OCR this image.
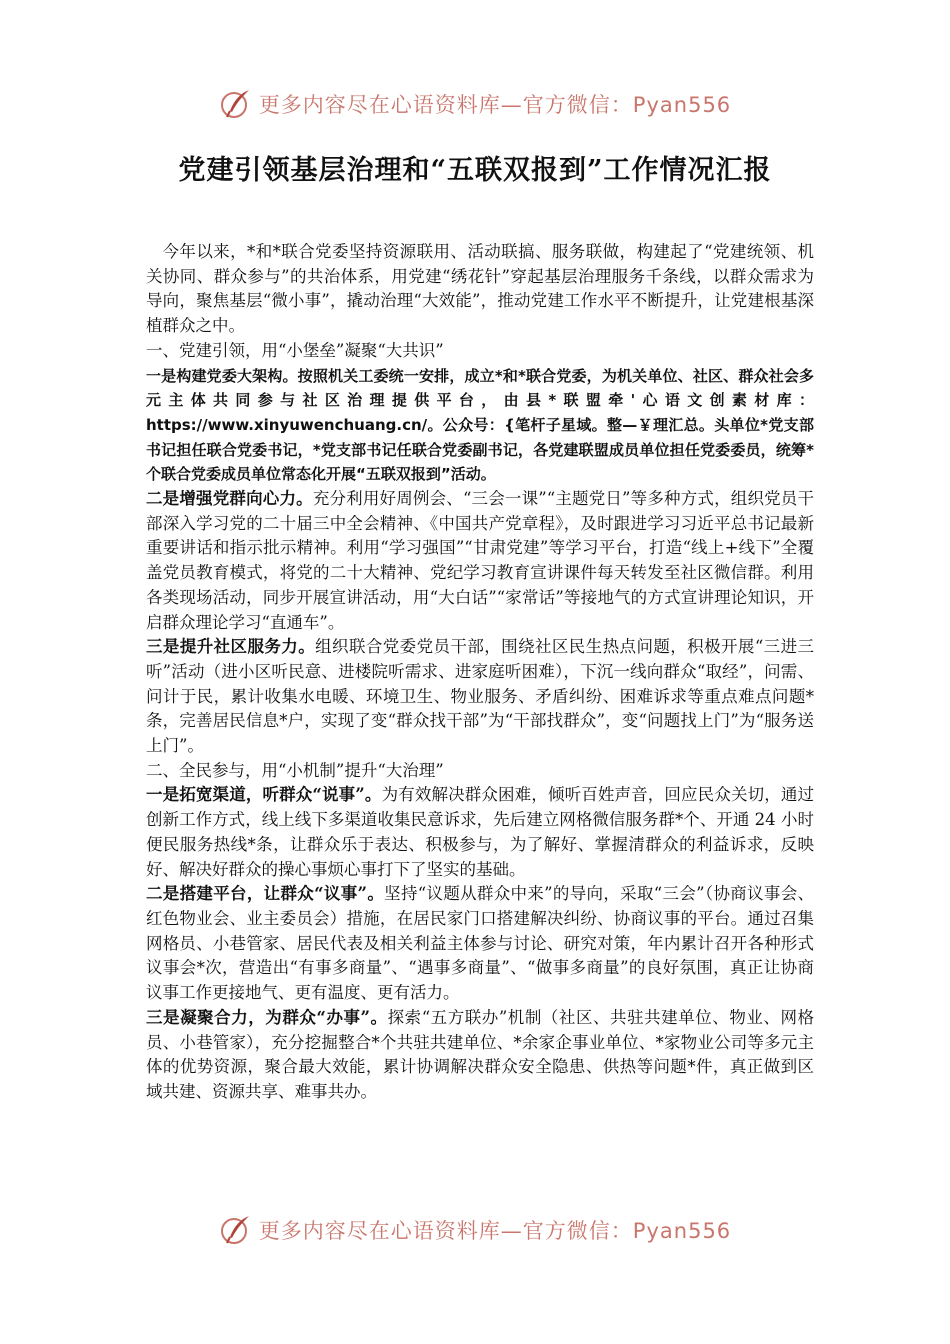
更多内容尽在心语资料库—官方微信：Pyan556
党建引领基层治理和“五联双报到”工作情况汇报

今年以来，*和*联合党委坚持资源联用、活动联搞、服务联做，构建起了“党建统领、机关协同、群众参与”的共治体系，用党建“绣花针”穿起基层治理服务千条线，以群众需求为导向，聚焦基层“微小事”，撬动治理“大效能”，推动党建工作水平不断提升，让党建根基深植群众之中。

一、党建引领，用“小堡垒”凝聚“大共识”

一是构建党委大架构。按照机关工委统一安排，成立*和*联合党委，为机关单位、社区、群众社会多元主体共同参与社区治理提供平台，由县*联盟牵'心语文创素材库：https://www.xinyuwenchuang.cn/。公众号：{笔杆子星域。整—￥理汇总。头单位*党支部书记担任联合党委书记，*党支部书记任联合党委副书记，各党建联盟成员单位担任党委委员，统筹*个联合党委成员单位常态化开展“五联双报到”活动。

二是增强党群向心力。充分利用好周例会、“三会一课”“主题党日”等多种方式，组织党员干部深入学习党的二十届三中全会精神、《中国共产党章程》，及时跟进学习习近平总书记最新重要讲话和指示批示精神。利用“学习强国”“甘肃党建”等学习平台，打造“线上+线下”全覆盖党员教育模式，将党的二十大精神、党纪学习教育宣讲课件每天转发至社区微信群。利用各类现场活动，同步开展宣讲活动，用“大白话”“家常话”等接地气的方式宣讲理论知识，开启群众理论学习“直通车”。

三是提升社区服务力。组织联合党委党员干部，围绕社区民生热点问题，积极开展“三进三听”活动（进小区听民意、进楼院听需求、进家庭听困难），下沉一线向群众“取经”，问需、问计于民，累计收集水电暖、环境卫生、物业服务、矛盾纠纷、困难诉求等重点难点问题*条，完善居民信息*户，实现了变“群众找干部”为“干部找群众”，变“问题找上门”为“服务送上门”。

二、全民参与，用“小机制”提升“大治理”

一是拓宽渠道，听群众“说事”。为有效解决群众困难，倾听百姓声音，回应民众关切，通过创新工作方式，线上线下多渠道收集民意诉求，先后建立网格微信服务群*个、开通 24 小时便民服务热线*条，让群众乐于表达、积极参与，为了解好、掌握清群众的利益诉求，反映好、解决好群众的操心事烦心事打下了坚实的基础。

二是搭建平台，让群众“议事”。坚持“议题从群众中来”的导向，采取“三会”（协商议事会、红色物业会、业主委员会）措施，在居民家门口搭建解决纠纷、协商议事的平台。通过召集网格员、小巷管家、居民代表及相关利益主体参与讨论、研究对策，年内累计召开各种形式议事会*次，营造出“有事多商量”、“遇事多商量”、“做事多商量”的良好氛围，真正让协商议事工作更接地气、更有温度、更有活力。

三是凝聚合力，为群众“办事”。探索“五方联办”机制（社区、共驻共建单位、物业、网格员、小巷管家），充分挖掘整合*个共驻共建单位、*余家企事业单位、*家物业公司等多元主体的优势资源，聚合最大效能，累计协调解决群众安全隐患、供热等问题*件，真正做到区域共建、资源共享、难事共办。

更多内容尽在心语资料库—官方微信：Pyan556
